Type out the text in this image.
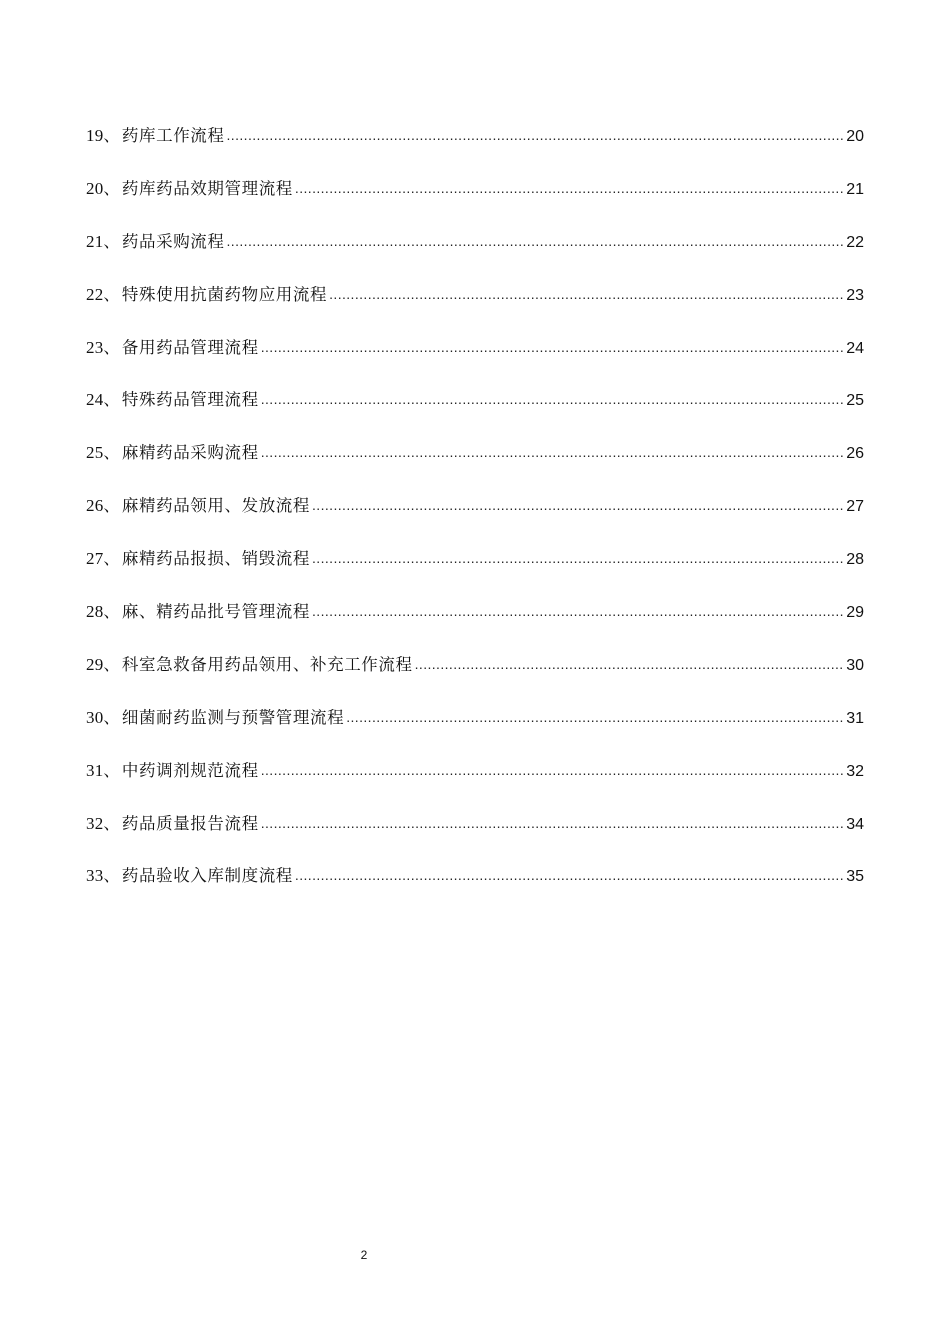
19 、 药库工作流程 .....	20
20 、 药库药品效期管理流程 .....	21
21 、 药品采购流程 .....	22
22 、 特殊使用抗菌药物应用流程 .....	23
23 、 备用药品管理流程 .....	24
24 、 特殊药品管理流程 .....	25
25 、 麻精药品采购流程 .....	26
26 、 麻精药品领用、发放流程 .....	27
27 、 麻精药品报损、销毁流程 .....	28
28 、 麻、精药品批号管理流程 .....	29
29 、 科室急救备用药品领用、补充工作流程 .....	30
30 、 细菌耐药监测与预警管理流程 .....	31
31 、 中药调剂规范流程 .....	32
32 、 药品质量报告流程 .....	34
33 、 药品验收入库制度流程 .....	35
2
